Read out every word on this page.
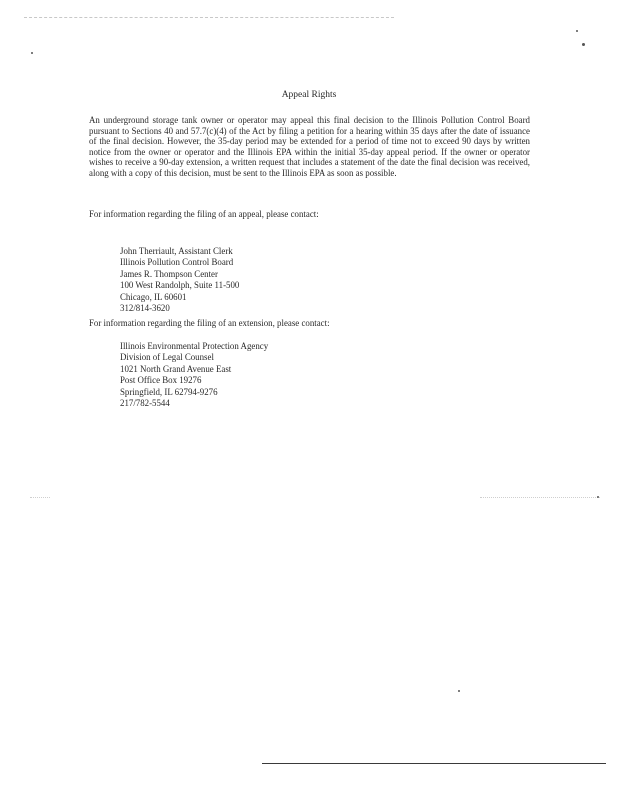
Appeal Rights
An underground storage tank owner or operator may appeal this final decision to the Illinois Pollution Control Board pursuant to Sections 40 and 57.7(c)(4) of the Act by filing a petition for a hearing within 35 days after the date of issuance of the final decision. However, the 35-day period may be extended for a period of time not to exceed 90 days by written notice from the owner or operator and the Illinois EPA within the initial 35-day appeal period. If the owner or operator wishes to receive a 90-day extension, a written request that includes a statement of the date the final decision was received, along with a copy of this decision, must be sent to the Illinois EPA as soon as possible.
For information regarding the filing of an appeal, please contact:
John Therriault, Assistant Clerk
Illinois Pollution Control Board
James R. Thompson Center
100 West Randolph, Suite 11-500
Chicago, IL 60601
312/814-3620
For information regarding the filing of an extension, please contact:
Illinois Environmental Protection Agency
Division of Legal Counsel
1021 North Grand Avenue East
Post Office Box 19276
Springfield, IL 62794-9276
217/782-5544
